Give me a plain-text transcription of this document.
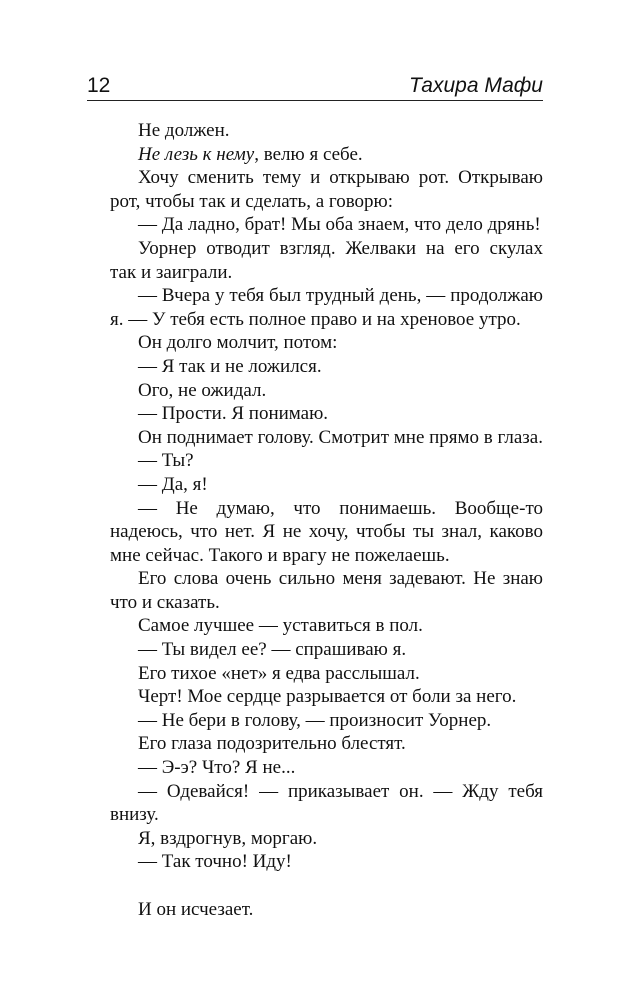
12	Тахира Мафи

Не должен.

Не лезь к нему, велю я себе.

Хочу сменить тему и открываю рот. Открываю рот, чтобы так и сделать, а говорю:

— Да ладно, брат! Мы оба знаем, что дело дрянь!

Уорнер отводит взгляд. Желваки на его скулах так и заиграли.

— Вчера у тебя был трудный день, — продолжаю я. — У тебя есть полное право и на хреновое утро.

Он долго молчит, потом:

— Я так и не ложился.

Ого, не ожидал.

— Прости. Я понимаю.

Он поднимает голову. Смотрит мне прямо в глаза.

— Ты?

— Да, я!

— Не думаю, что понимаешь. Вообще-то надеюсь, что нет. Я не хочу, чтобы ты знал, каково мне сейчас. Такого и врагу не пожелаешь.

Его слова очень сильно меня задевают. Не знаю что и сказать.

Самое лучшее — уставиться в пол.

— Ты видел ее? — спрашиваю я.

Его тихое «нет» я едва расслышал.

Черт! Мое сердце разрывается от боли за него.

— Не бери в голову, — произносит Уорнер.

Его глаза подозрительно блестят.

— Э-э? Что? Я не...

— Одевайся! — приказывает он. — Жду тебя внизу.

Я, вздрогнув, моргаю.

— Так точно! Иду!

И он исчезает.
